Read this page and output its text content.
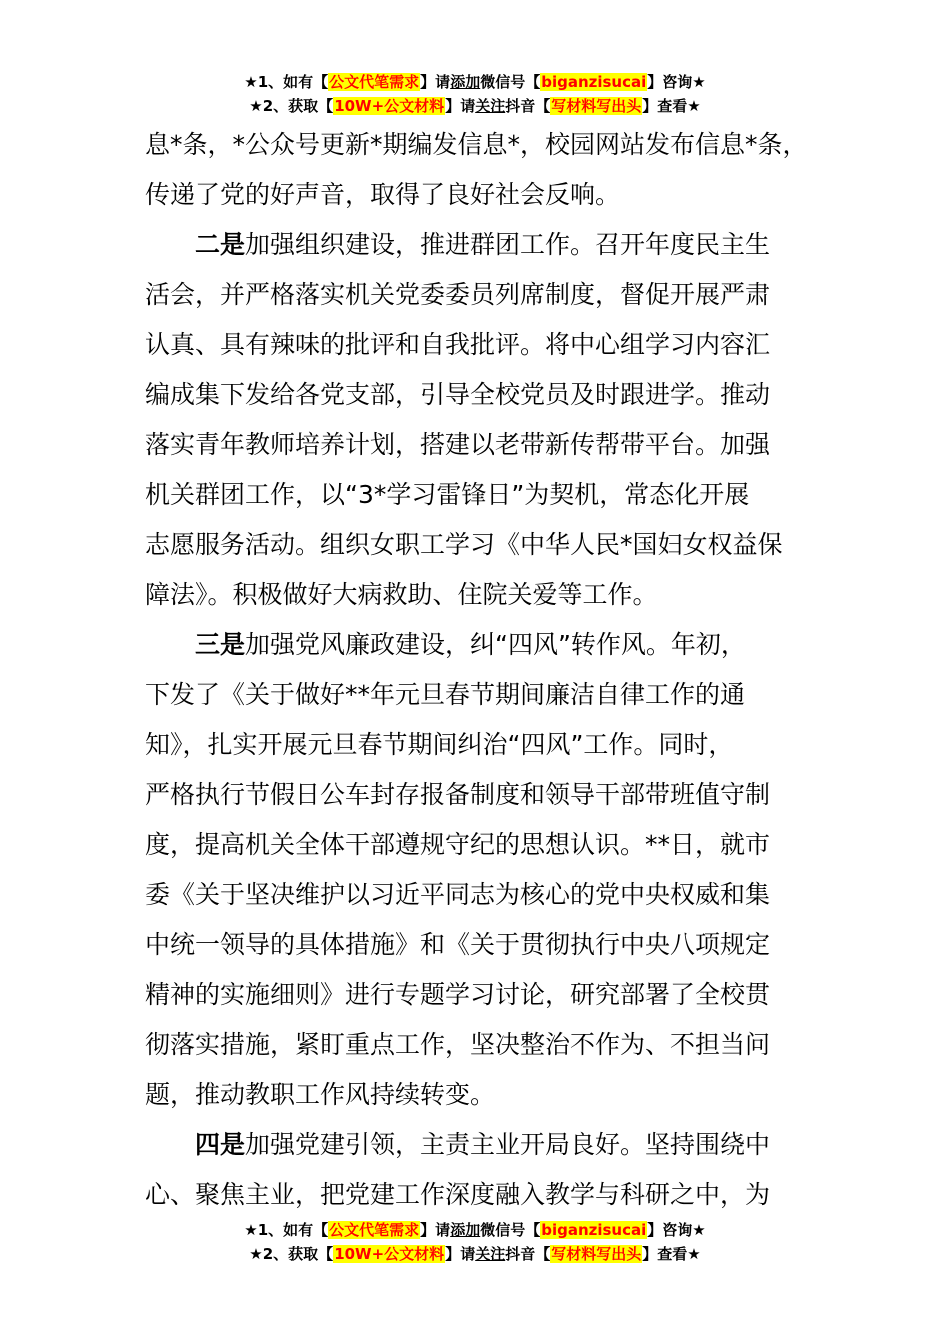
★1、如有【公文代笔需求】请添加微信号【biganzisucai】咨询★
★2、获取【10W+公文材料】请关注抖音【写材料写出头】查看★
息*条，*公众号更新*期编发信息*，校园网站发布信息*条，
传递了党的好声音，取得了良好社会反响。
二是加强组织建设，推进群团工作。召开年度民主生
活会，并严格落实机关党委委员列席制度，督促开展严肃
认真、具有辣味的批评和自我批评。将中心组学习内容汇
编成集下发给各党支部，引导全校党员及时跟进学。推动
落实青年教师培养计划，搭建以老带新传帮带平台。加强
机关群团工作，以“3*学习雷锋日”为契机，常态化开展
志愿服务活动。组织女职工学习《中华人民*国妇女权益保
障法》。积极做好大病救助、住院关爱等工作。
三是加强党风廉政建设，纠“四风”转作风。年初，
下发了《关于做好**年元旦春节期间廉洁自律工作的通
知》，扎实开展元旦春节期间纠治“四风”工作。同时，
严格执行节假日公车封存报备制度和领导干部带班值守制
度，提高机关全体干部遵规守纪的思想认识。**日，就市
委《关于坚决维护以习近平同志为核心的党中央权威和集
中统一领导的具体措施》和《关于贯彻执行中央八项规定
精神的实施细则》进行专题学习讨论，研究部署了全校贯
彻落实措施，紧盯重点工作，坚决整治不作为、不担当问
题，推动教职工作风持续转变。
四是加强党建引领，主责主业开局良好。坚持围绕中
心、聚焦主业，把党建工作深度融入教学与科研之中，为
★1、如有【公文代笔需求】请添加微信号【biganzisucai】咨询★
★2、获取【10W+公文材料】请关注抖音【写材料写出头】查看★
